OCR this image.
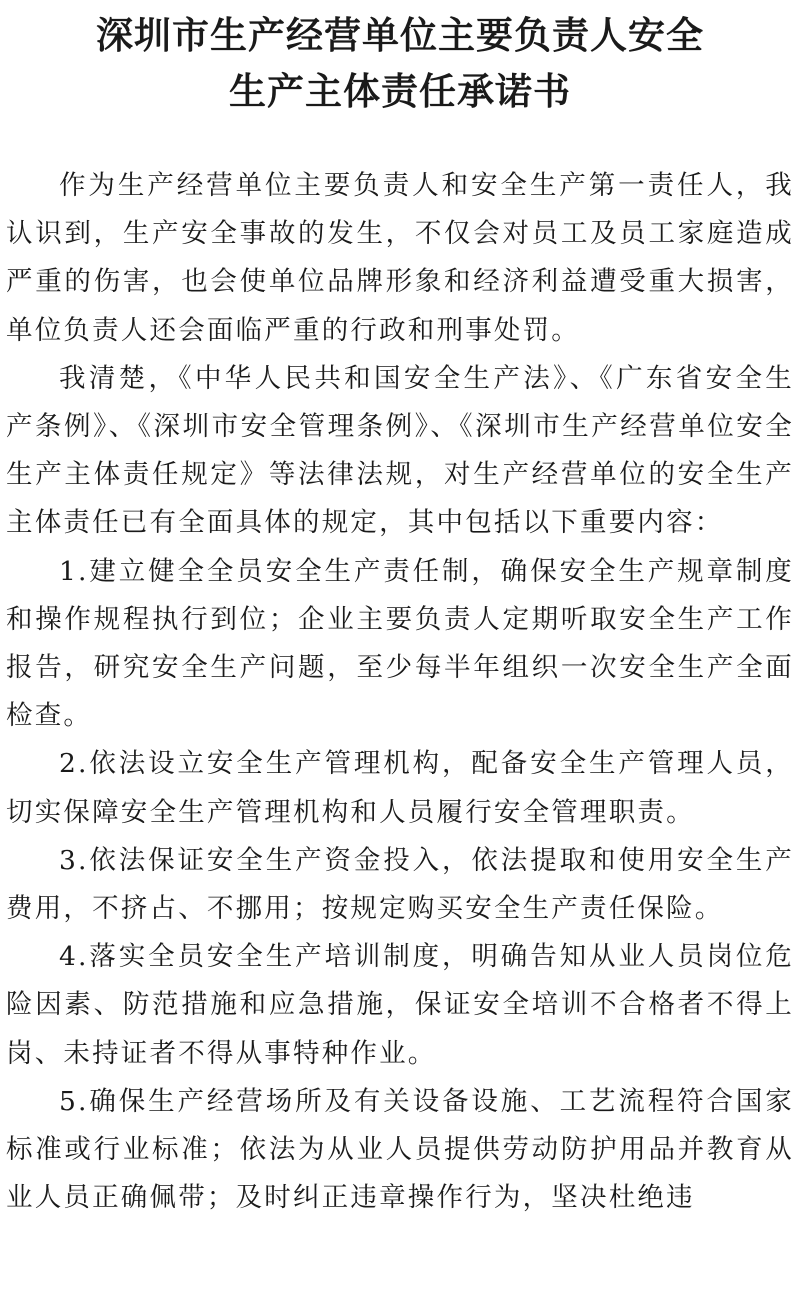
深圳市生产经营单位主要负责人安全
生产主体责任承诺书

作为生产经营单位主要负责人和安全生产第一责任人，我认识到，生产安全事故的发生，不仅会对员工及员工家庭造成严重的伤害，也会使单位品牌形象和经济利益遭受重大损害，单位负责人还会面临严重的行政和刑事处罚。

我清楚，《中华人民共和国安全生产法》、《广东省安全生产条例》、《深圳市安全管理条例》、《深圳市生产经营单位安全生产主体责任规定》等法律法规，对生产经营单位的安全生产主体责任已有全面具体的规定，其中包括以下重要内容：

1.建立健全全员安全生产责任制，确保安全生产规章制度和操作规程执行到位；企业主要负责人定期听取安全生产工作报告，研究安全生产问题，至少每半年组织一次安全生产全面检查。

2.依法设立安全生产管理机构，配备安全生产管理人员，切实保障安全生产管理机构和人员履行安全管理职责。

3.依法保证安全生产资金投入，依法提取和使用安全生产费用，不挤占、不挪用；按规定购买安全生产责任保险。

4.落实全员安全生产培训制度，明确告知从业人员岗位危险因素、防范措施和应急措施，保证安全培训不合格者不得上岗、未持证者不得从事特种作业。

5.确保生产经营场所及有关设备设施、工艺流程符合国家标准或行业标准；依法为从业人员提供劳动防护用品并教育从业人员正确佩带；及时纠正违章操作行为，坚决杜绝违
